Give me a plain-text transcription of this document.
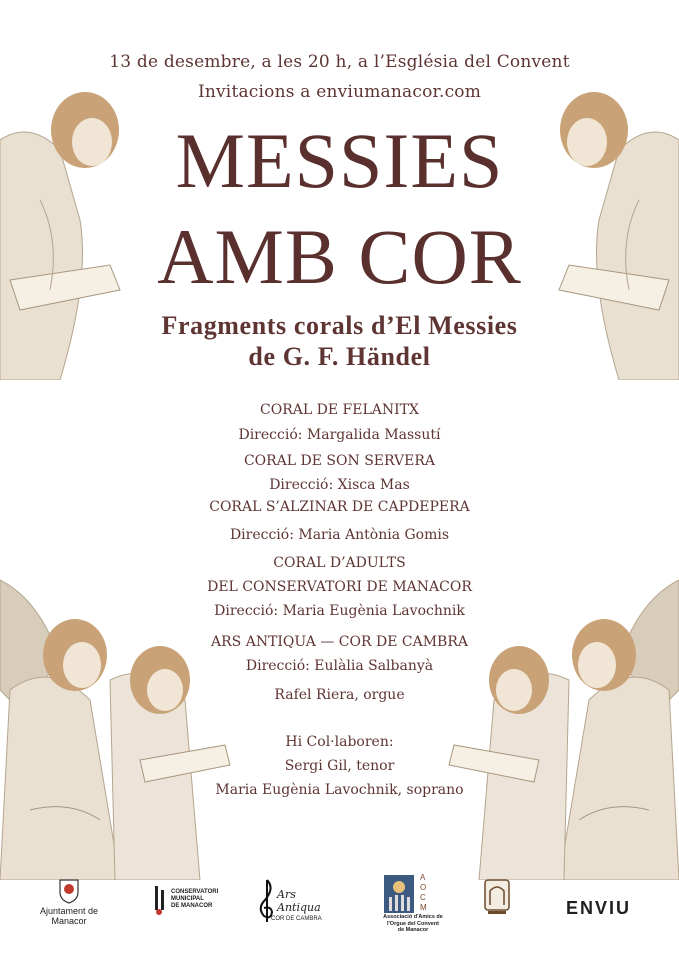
13 de desembre, a les 20 h, a l’Església del Convent
Invitacions a enviumanacor.com
MESSIES
AMB COR
Fragments corals d’El Messies
de G. F. Händel
CORAL DE FELANITX
Direcció: Margalida Massutí
CORAL DE SON SERVERA
Direcció: Xisca Mas
CORAL S’ALZINAR DE CAPDEPERA
Direcció: Maria Antònia Gomis
CORAL D’ADULTS
DEL CONSERVATORI DE MANACOR
Direcció: Maria Eugènia Lavochnik
ARS ANTIQUA — COR DE CAMBRA
Direcció: Eulàlia Salbanyà
Rafel Riera, orgue
Hi Col·laboren:
Sergi Gil, tenor
Maria Eugènia Lavochnik, soprano
Ajuntament de Manacor
CONSERVATORI
MUNICIPAL
DE MANACOR
Ars Antiqua
COR DE CAMBRA
A
O
C
M
Associació d'Amics de
l'Orgue del Convent
de Manacor
ENVIU
